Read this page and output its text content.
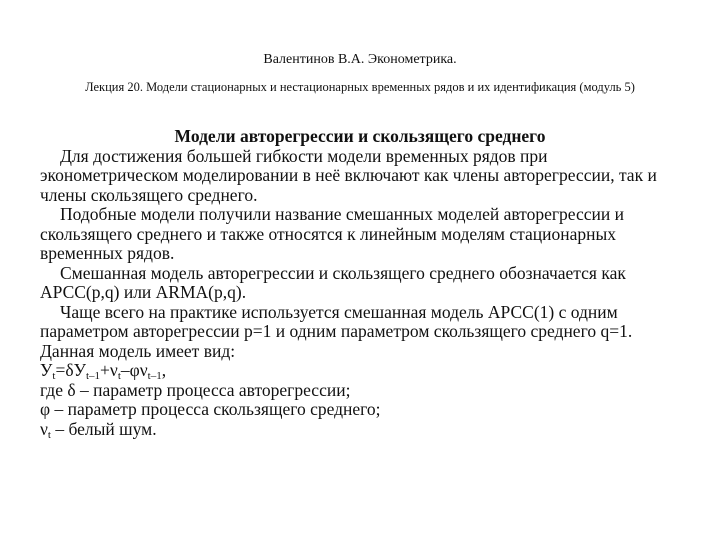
Валентинов В.А. Эконометрика.
Лекция 20. Модели стационарных и нестационарных временных рядов и их идентификация (модуль 5)

Модели авторегрессии и скользящего среднего

Для достижения большей гибкости модели временных рядов при эконометрическом моделировании в неё включают как члены авторегрессии, так и члены скользящего среднего.

Подобные модели получили название смешанных моделей авторегрессии и скользящего среднего и также относятся к линейным моделям стационарных временных рядов.

Смешанная модель авторегрессии и скользящего среднего обозначается как АРСС(p,q) или ARMA(p,q).

Чаще всего на практике используется смешанная модель АРСС(1) с одним параметром авторегрессии p=1 и одним параметром скользящего среднего q=1.

Данная модель имеет вид:

$У_t=\delta У_{t-1}+\nu_t-\varphi\nu_{t-1}$,

где δ – параметр процесса авторегрессии;

φ – параметр процесса скользящего среднего;

$\nu_t$ – белый шум.
